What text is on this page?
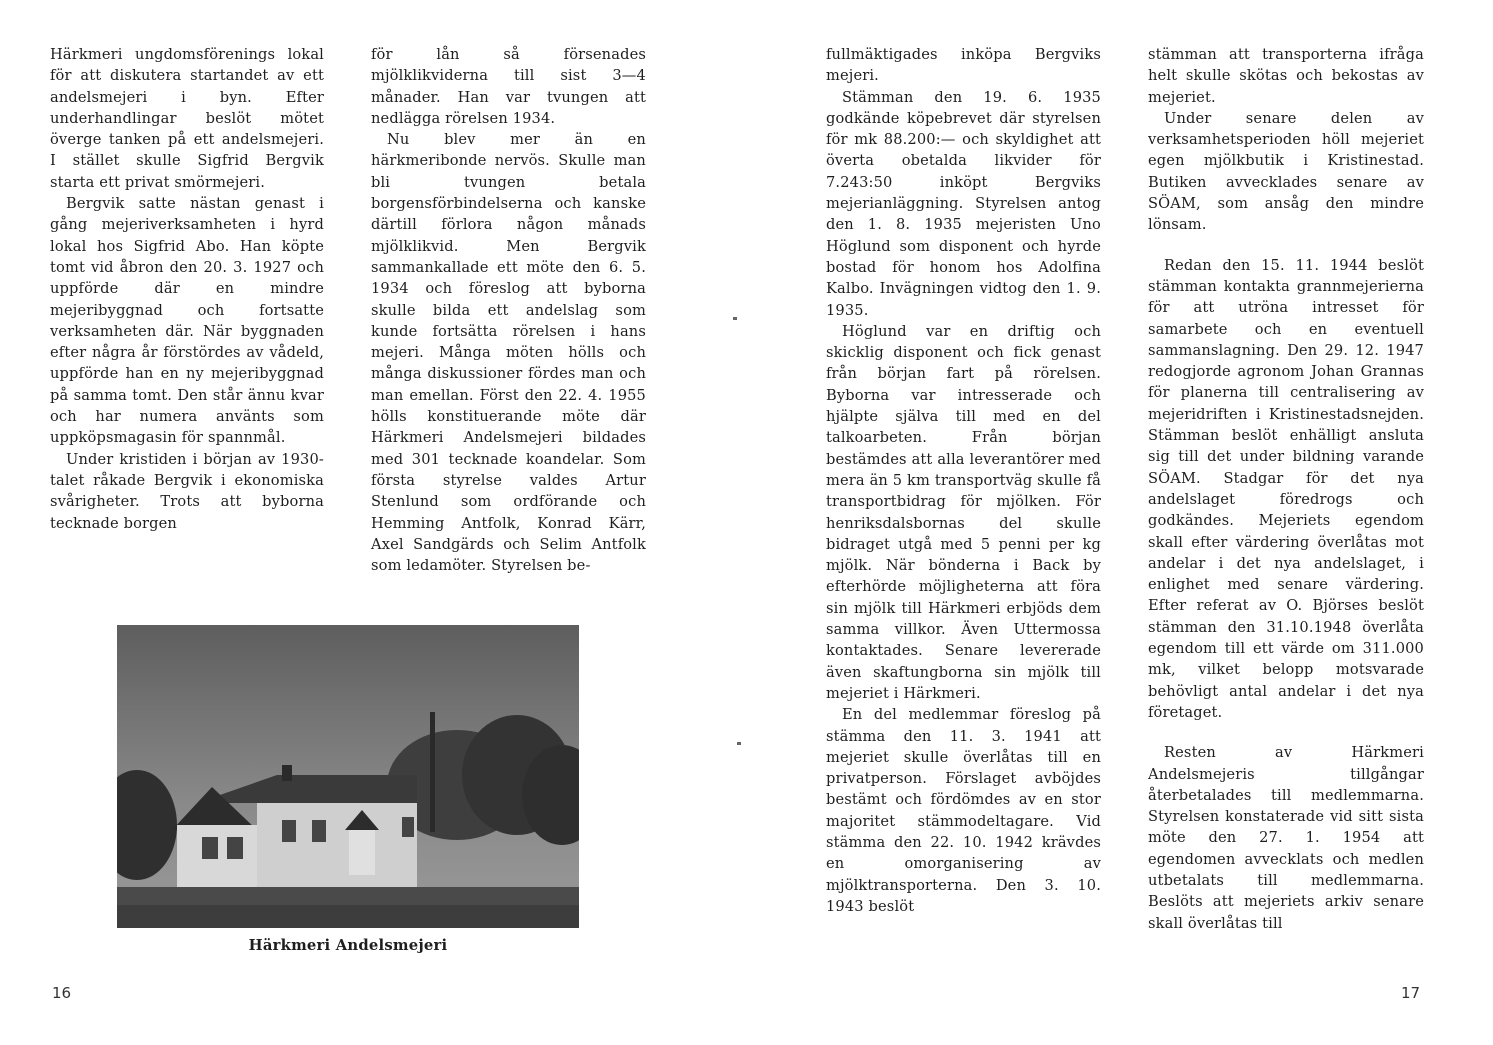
Härkmeri ungdomsförenings lokal för att diskutera startandet av ett andelsmejeri i byn. Efter underhandlingar beslöt mötet överge tanken på ett andelsmejeri. I stället skulle Sigfrid Bergvik starta ett privat smörmejeri.

Bergvik satte nästan genast i gång mejeriverksamheten i hyrd lokal hos Sigfrid Abo. Han köpte tomt vid åbron den 20. 3. 1927 och uppförde där en mindre mejeribyggnad och fortsatte verksamheten där. När byggnaden efter några år förstördes av vådeld, uppförde han en ny mejeribyggnad på samma tomt. Den står ännu kvar och har numera använts som uppköpsmagasin för spannmål.

Under kristiden i början av 1930-talet råkade Bergvik i ekonomiska svårigheter. Trots att byborna tecknade borgen

för lån så försenades mjölklikviderna till sist 3—4 månader. Han var tvungen att nedlägga rörelsen 1934.

Nu blev mer än en härkmeribonde nervös. Skulle man bli tvungen betala borgensförbindelserna och kanske därtill förlora någon månads mjölklikvid. Men Bergvik sammankallade ett möte den 6. 5. 1934 och föreslog att byborna skulle bilda ett andelslag som kunde fortsätta rörelsen i hans mejeri. Många möten hölls och många diskussioner fördes man och man emellan. Först den 22. 4. 1955 hölls konstituerande möte där Härkmeri Andelsmejeri bildades med 301 tecknade koandelar. Som första styrelse valdes Artur Stenlund som ordförande och Hemming Antfolk, Konrad Kärr, Axel Sandgärds och Selim Antfolk som ledamöter. Styrelsen be-

Härkmeri Andelsmejeri
16

fullmäktigades inköpa Bergviks mejeri.

Stämman den 19. 6. 1935 godkände köpebrevet där styrelsen för mk 88.200:— och skyldighet att överta obetalda likvider för 7.243:50 inköpt Bergviks mejerianläggning. Styrelsen antog den 1. 8. 1935 mejeristen Uno Höglund som disponent och hyrde bostad för honom hos Adolfina Kalbo. Invägningen vidtog den 1. 9. 1935.

Höglund var en driftig och skicklig disponent och fick genast från början fart på rörelsen. Byborna var intresserade och hjälpte själva till med en del talkoarbeten. Från början bestämdes att alla leverantörer med mera än 5 km transportväg skulle få transportbidrag för mjölken. För henriksdalsbornas del skulle bidraget utgå med 5 penni per kg mjölk. När bönderna i Back by efterhörde möjligheterna att föra sin mjölk till Härkmeri erbjöds dem samma villkor. Även Uttermossa kontaktades. Senare levererade även skaftungborna sin mjölk till mejeriet i Härkmeri.

En del medlemmar föreslog på stämma den 11. 3. 1941 att mejeriet skulle överlåtas till en privatperson. Förslaget avböjdes bestämt och fördömdes av en stor majoritet stämmodeltagare. Vid stämma den 22. 10. 1942 krävdes en omorganisering av mjölktransporterna. Den 3. 10. 1943 beslöt

stämman att transporterna ifråga helt skulle skötas och bekostas av mejeriet.

Under senare delen av verksamhetsperioden höll mejeriet egen mjölkbutik i Kristinestad. Butiken avvecklades senare av SÖAM, som ansåg den mindre lönsam.

Redan den 15. 11. 1944 beslöt stämman kontakta grannmejerierna för att utröna intresset för samarbete och en eventuell sammanslagning. Den 29. 12. 1947 redogjorde agronom Johan Grannas för planerna till centralisering av mejeridriften i Kristinestadsnejden. Stämman beslöt enhälligt ansluta sig till det under bildning varande SÖAM. Stadgar för det nya andelslaget föredrogs och godkändes. Mejeriets egendom skall efter värdering överlåtas mot andelar i det nya andelslaget, i enlighet med senare värdering. Efter referat av O. Björses beslöt stämman den 31.10.1948 överlåta egendom till ett värde om 311.000 mk, vilket belopp motsvarade behövligt antal andelar i det nya företaget.

Resten av Härkmeri Andelsmejeris tillgångar återbetalades till medlemmarna. Styrelsen konstaterade vid sitt sista möte den 27. 1. 1954 att egendomen avvecklats och medlen utbetalats till medlemmarna. Beslöts att mejeriets arkiv senare skall överlåtas till

17
